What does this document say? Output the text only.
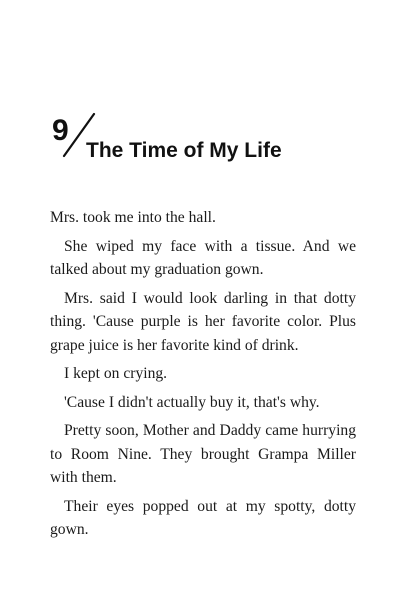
9
The Time of My Life

Mrs. took me into the hall.

She wiped my face with a tissue. And we talked about my graduation gown.

Mrs. said I would look darling in that dotty thing. 'Cause purple is her favorite color. Plus grape juice is her favorite kind of drink.

I kept on crying.

'Cause I didn't actually buy it, that's why.

Pretty soon, Mother and Daddy came hurrying to Room Nine. They brought Grampa Miller with them.

Their eyes popped out at my spotty, dotty gown.
